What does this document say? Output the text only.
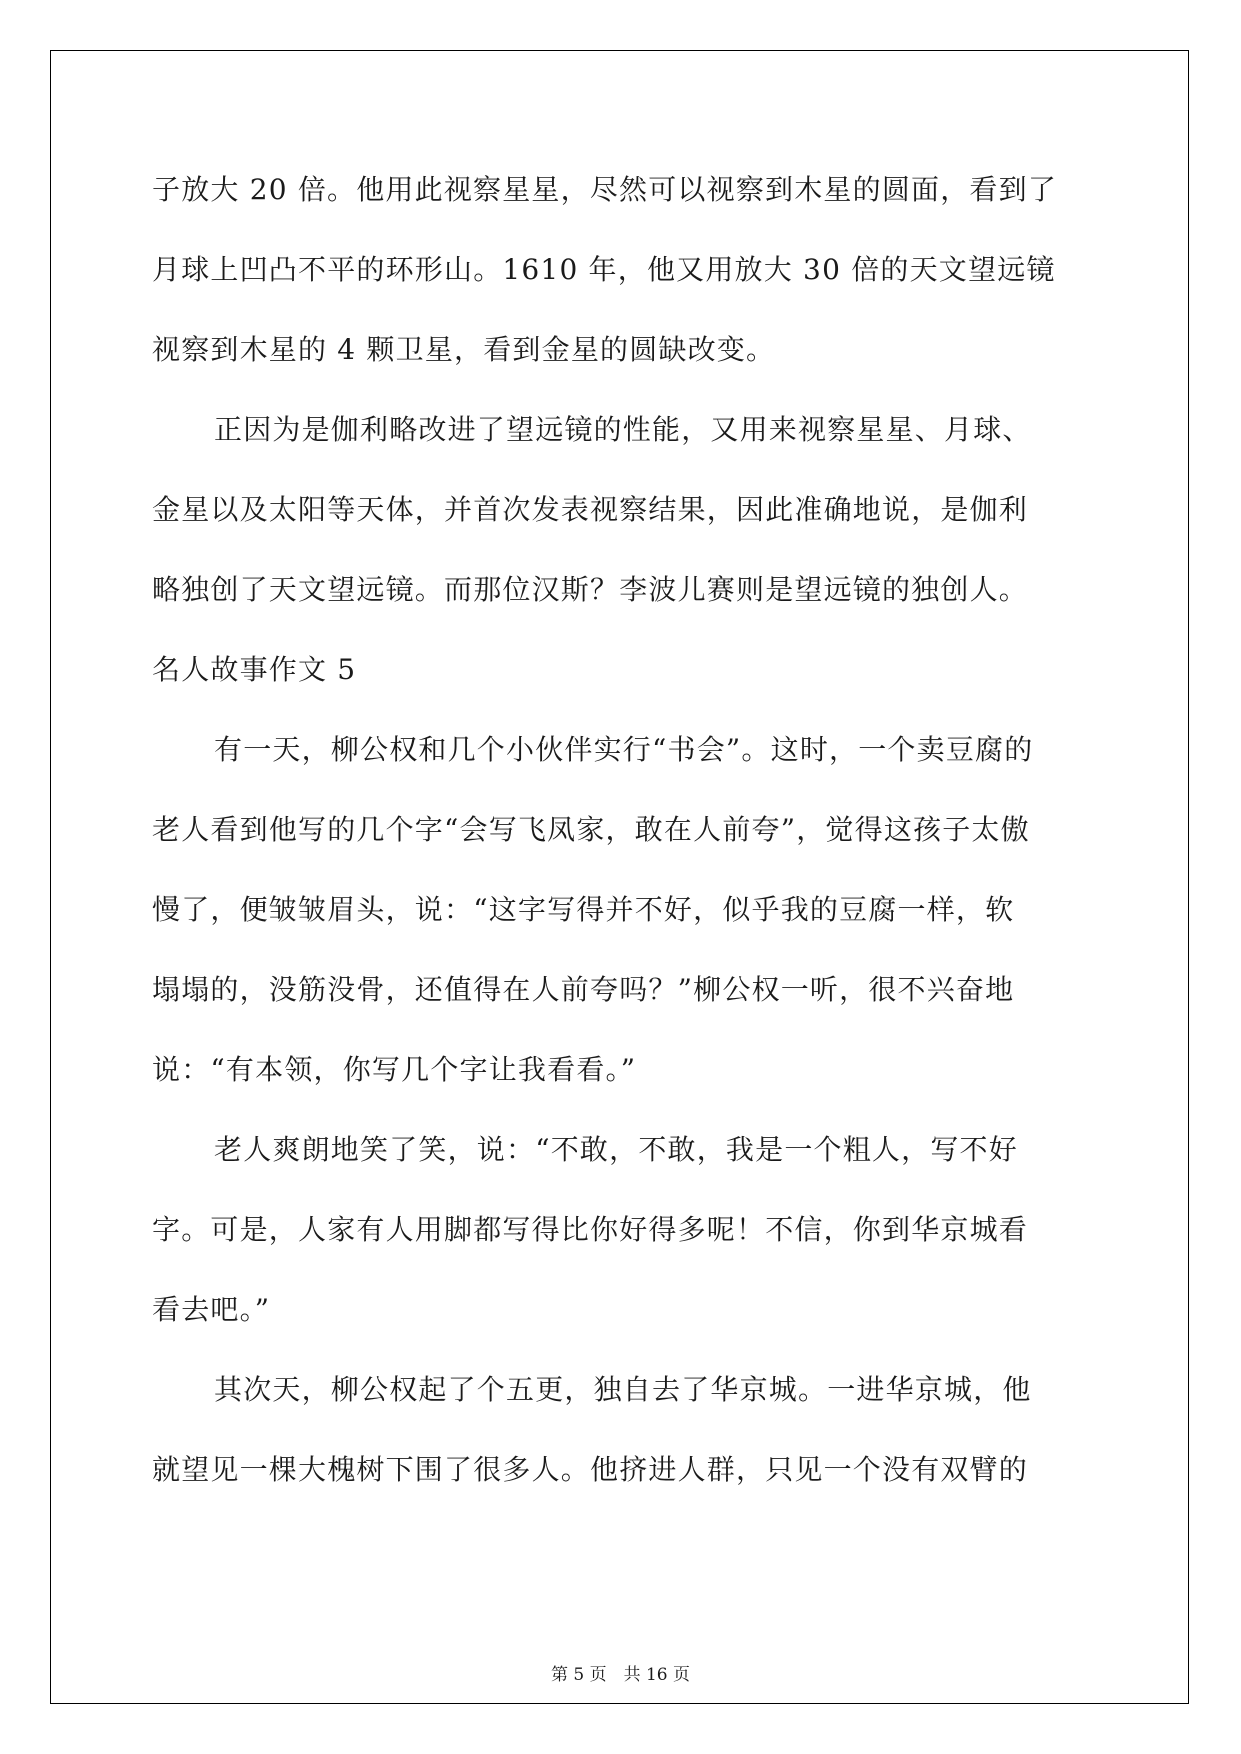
子放大 20 倍。他用此视察星星，尽然可以视察到木星的圆面，看到了
月球上凹凸不平的环形山。1610 年，他又用放大 30 倍的天文望远镜
视察到木星的 4 颗卫星，看到金星的圆缺改变。
正因为是伽利略改进了望远镜的性能，又用来视察星星、月球、
金星以及太阳等天体，并首次发表视察结果，因此准确地说，是伽利
略独创了天文望远镜。而那位汉斯？李波儿赛则是望远镜的独创人。
名人故事作文 5
有一天，柳公权和几个小伙伴实行“书会”。这时，一个卖豆腐的
老人看到他写的几个字“会写飞凤家，敢在人前夸”，觉得这孩子太傲
慢了，便皱皱眉头，说：“这字写得并不好，似乎我的豆腐一样，软
塌塌的，没筋没骨，还值得在人前夸吗？”柳公权一听，很不兴奋地
说：“有本领，你写几个字让我看看。”
老人爽朗地笑了笑，说：“不敢，不敢，我是一个粗人，写不好
字。可是，人家有人用脚都写得比你好得多呢！不信，你到华京城看
看去吧。”
其次天，柳公权起了个五更，独自去了华京城。一进华京城，他
就望见一棵大槐树下围了很多人。他挤进人群，只见一个没有双臂的
第 5 页　共 16 页
